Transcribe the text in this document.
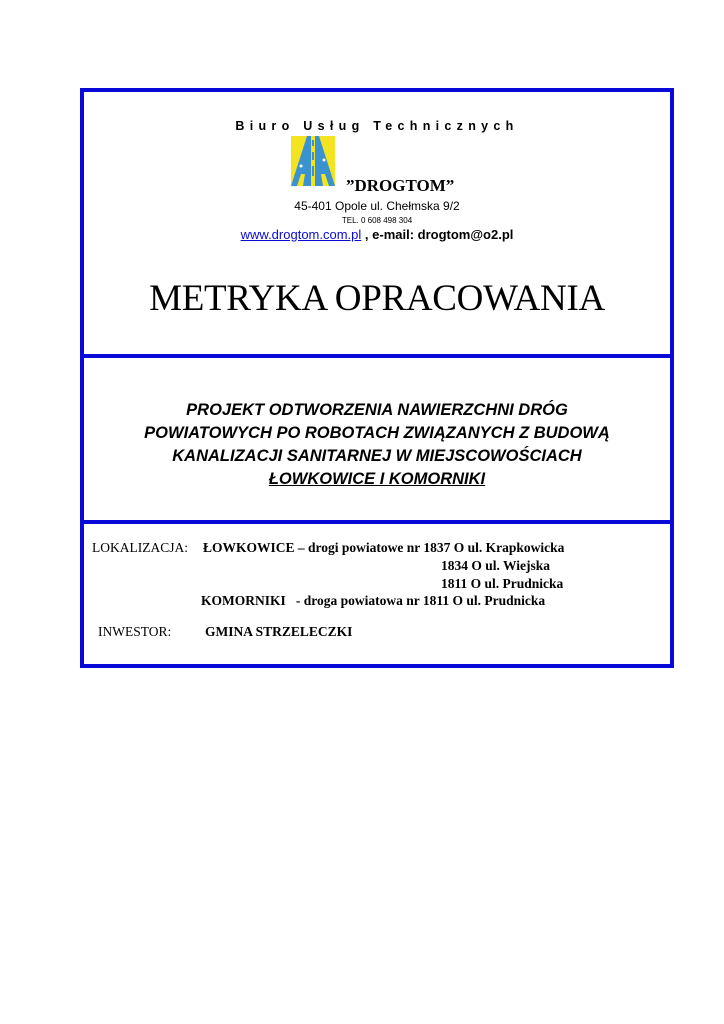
Biuro Usług Technicznych
”DROGTOM”
45-401 Opole ul. Chełmska 9/2
TEL. 0 608 498 304
www.drogtom.com.pl , e-mail: drogtom@o2.pl
METRYKA OPRACOWANIA
PROJEKT ODTWORZENIA NAWIERZCHNI DRÓG
POWIATOWYCH PO ROBOTACH ZWIĄZANYCH Z BUDOWĄ
KANALIZACJI SANITARNEJ W MIEJSCOWOŚCIACH
ŁOWKOWICE I KOMORNIKI
LOKALIZACJA: ŁOWKOWICE – drogi powiatowe nr 1837 O ul. Krapkowicka
1834 O ul. Wiejska
1811 O ul. Prudnicka
KOMORNIKI   - droga powiatowa nr 1811 O ul. Prudnicka
INWESTOR:	GMINA STRZELECZKI
